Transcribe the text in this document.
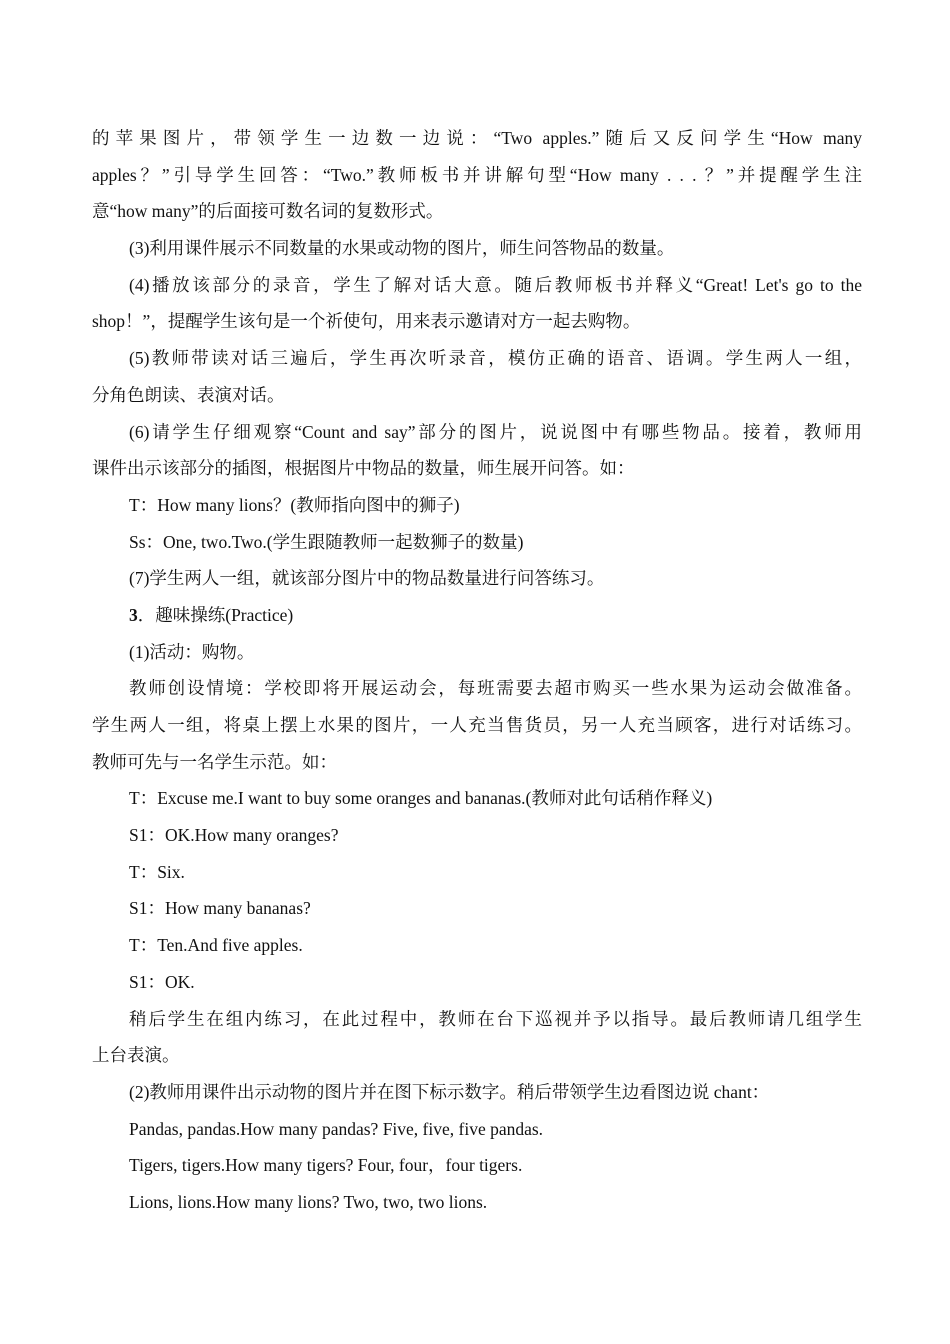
的苹果图片，带领学生一边数一边说：“Two apples.”随后又反问学生“How many
apples？”引导学生回答：“Two.”教师板书并讲解句型“How many . . . ？”并提醒学生注
意“how many”的后面接可数名词的复数形式。
(3)利用课件展示不同数量的水果或动物的图片，师生问答物品的数量。
(4)播放该部分的录音，学生了解对话大意。随后教师板书并释义“Great! Let's go to the
shop！”，提醒学生该句是一个祈使句，用来表示邀请对方一起去购物。
(5)教师带读对话三遍后，学生再次听录音，模仿正确的语音、语调。学生两人一组，
分角色朗读、表演对话。
(6)请学生仔细观察“Count and say”部分的图片，说说图中有哪些物品。接着，教师用
课件出示该部分的插图，根据图片中物品的数量，师生展开问答。如：
T：How many lions？(教师指向图中的狮子)
Ss：One, two.Two.(学生跟随教师一起数狮子的数量)
(7)学生两人一组，就该部分图片中的物品数量进行问答练习。
3．趣味操练(Practice)
(1)活动：购物。
教师创设情境：学校即将开展运动会，每班需要去超市购买一些水果为运动会做准备。
学生两人一组，将桌上摆上水果的图片，一人充当售货员，另一人充当顾客，进行对话练习。
教师可先与一名学生示范。如：
T：Excuse me.I want to buy some oranges and bananas.(教师对此句话稍作释义)
S1：OK.How many oranges?
T：Six.
S1：How many bananas?
T：Ten.And five apples.
S1：OK.
稍后学生在组内练习，在此过程中，教师在台下巡视并予以指导。最后教师请几组学生
上台表演。
(2)教师用课件出示动物的图片并在图下标示数字。稍后带领学生边看图边说 chant：
Pandas, pandas.How many pandas? Five, five, five pandas.
Tigers, tigers.How many tigers? Four, four，four tigers.
Lions, lions.How many lions? Two, two, two lions.
